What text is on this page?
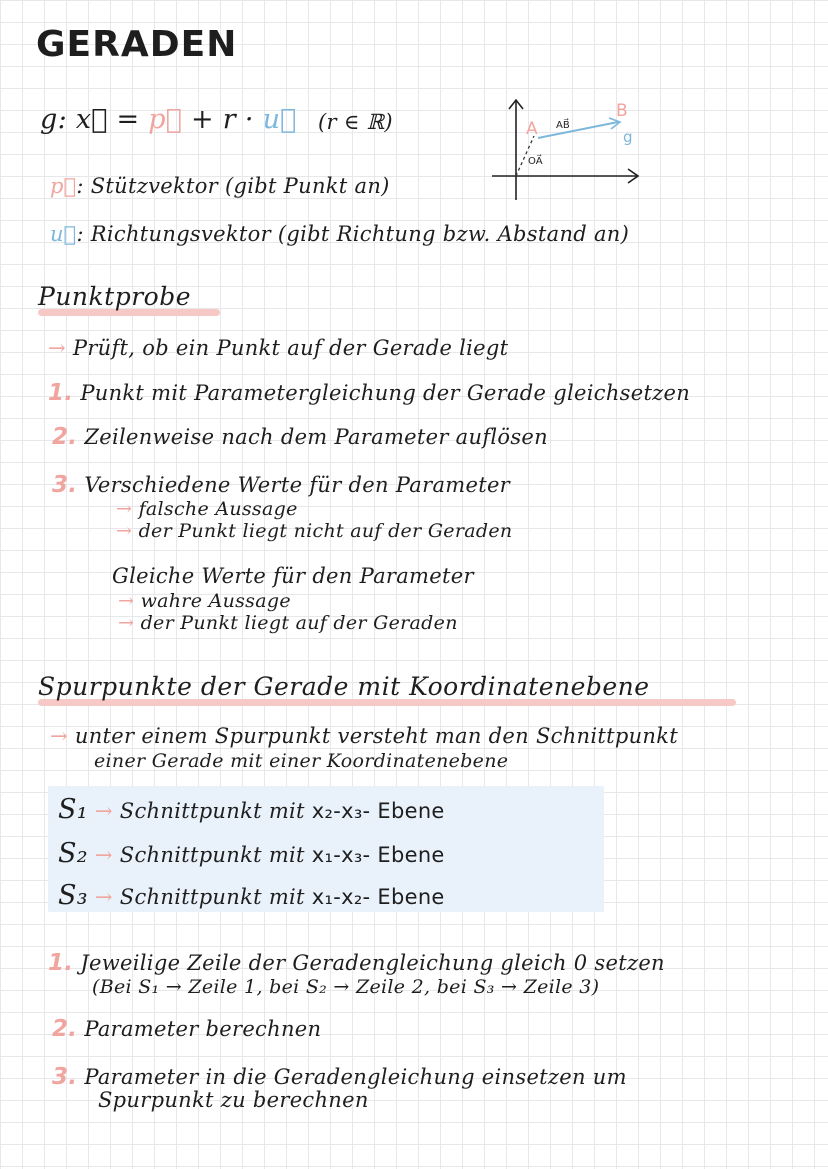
GERADEN
g: x⃗ = p⃗ + r · u⃗ (r ∈ ℝ)	A
B
AB⃗
OA⃗
g
p⃗: Stützvektor (gibt Punkt an)
u⃗: Richtungsvektor (gibt Richtung bzw. Abstand an)
Punktprobe
→ Prüft, ob ein Punkt auf der Gerade liegt
1. Punkt mit Parametergleichung der Gerade gleichsetzen
2. Zeilenweise nach dem Parameter auflösen
3. Verschiedene Werte für den Parameter
→ falsche Aussage
→ der Punkt liegt nicht auf der Geraden
Gleiche Werte für den Parameter
→ wahre Aussage
→ der Punkt liegt auf der Geraden
Spurpunkte der Gerade mit Koordinatenebene
→ unter einem Spurpunkt versteht man den Schnittpunkt
einer Gerade mit einer Koordinatenebene
S₁ → Schnittpunkt mit x₂-x₃- Ebene
S₂ → Schnittpunkt mit x₁-x₃- Ebene
S₃ → Schnittpunkt mit x₁-x₂- Ebene
1. Jeweilige Zeile der Geradengleichung gleich 0 setzen
(Bei S₁ → Zeile 1, bei S₂ → Zeile 2, bei S₃ → Zeile 3)
2. Parameter berechnen
3. Parameter in die Geradengleichung einsetzen um
Spurpunkt zu berechnen
